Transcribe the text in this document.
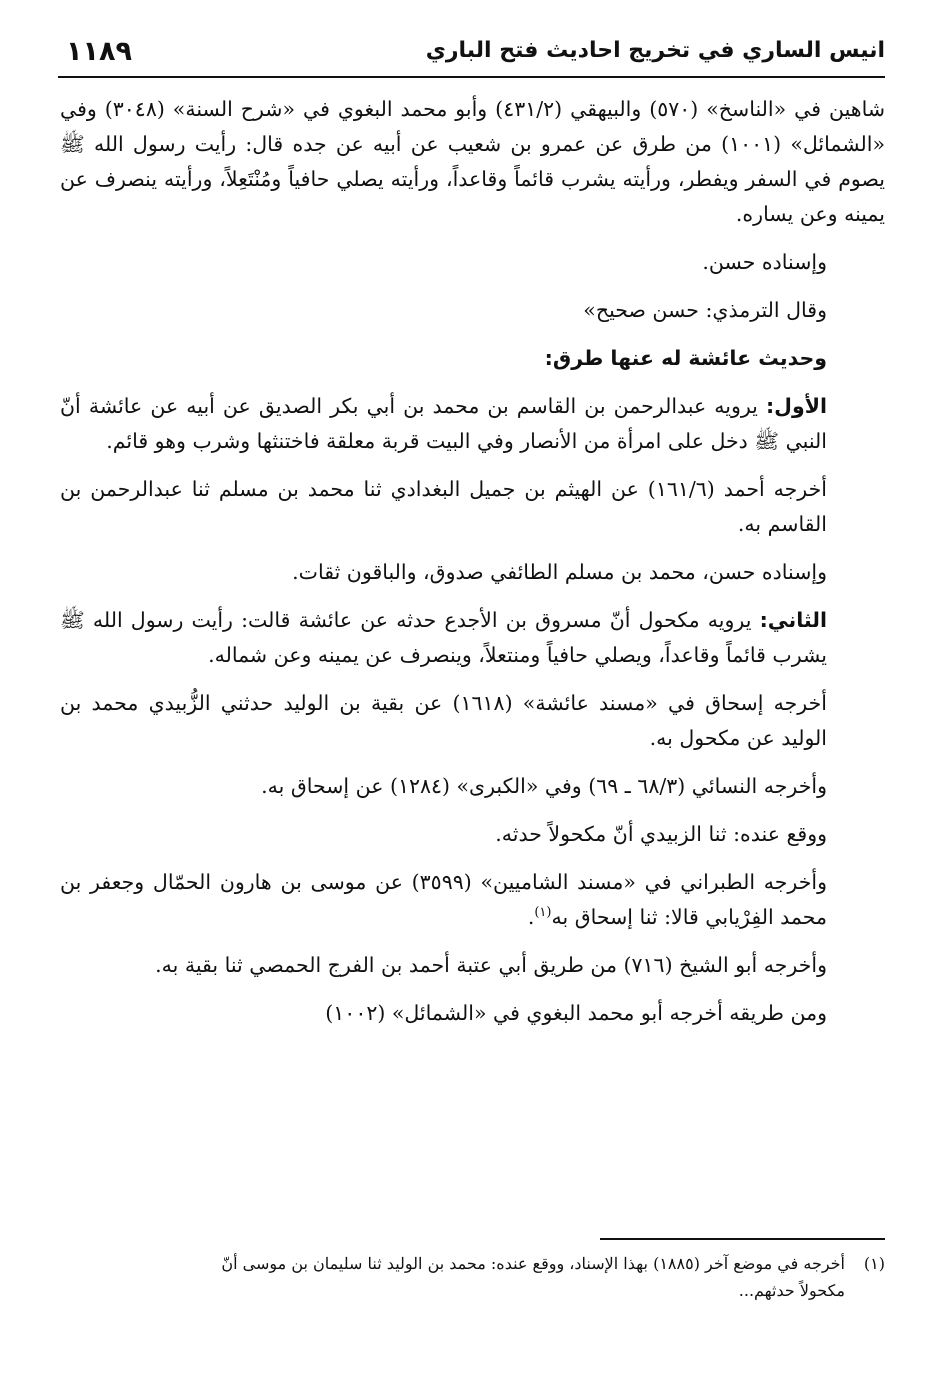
١١٨٩	انيس الساري في تخريج احاديث فتح الباري

شاهين في «الناسخ» (٥٧٠) والبيهقي (٤٣١/٢) وأبو محمد البغوي في «شرح السنة» (٣٠٤٨) وفي «الشمائل» (١٠٠١) من طرق عن عمرو بن شعيب عن أبيه عن جده قال: رأيت رسول الله ﷺ يصوم في السفر ويفطر، ورأيته يشرب قائماً وقاعداً، ورأيته يصلي حافياً ومُنْتَعِلاً، ورأيته ينصرف عن يمينه وعن يساره.

وإسناده حسن.

وقال الترمذي: حسن صحيح»

وحديث عائشة له عنها طرق:

الأول: يرويه عبدالرحمن بن القاسم بن محمد بن أبي بكر الصديق عن أبيه عن عائشة أنّ النبي ﷺ دخل على امرأة من الأنصار وفي البيت قربة معلقة فاختنثها وشرب وهو قائم.

أخرجه أحمد (١٦١/٦) عن الهيثم بن جميل البغدادي ثنا محمد بن مسلم ثنا عبدالرحمن بن القاسم به.

وإسناده حسن، محمد بن مسلم الطائفي صدوق، والباقون ثقات.

الثاني: يرويه مكحول أنّ مسروق بن الأجدع حدثه عن عائشة قالت: رأيت رسول الله ﷺ يشرب قائماً وقاعداً، ويصلي حافياً ومنتعلاً، وينصرف عن يمينه وعن شماله.

أخرجه إسحاق في «مسند عائشة» (١٦١٨) عن بقية بن الوليد حدثني الزُّبيدي محمد بن الوليد عن مكحول به.

وأخرجه النسائي (٦٨/٣ ـ ٦٩) وفي «الكبرى» (١٢٨٤) عن إسحاق به.

ووقع عنده: ثنا الزبيدي أنّ مكحولاً حدثه.

وأخرجه الطبراني في «مسند الشاميين» (٣٥٩٩) عن موسى بن هارون الحمّال وجعفر بن محمد الفِرْيابي قالا: ثنا إسحاق به$^{(١)}$.

وأخرجه أبو الشيخ (٧١٦) من طريق أبي عتبة أحمد بن الفرج الحمصي ثنا بقية به.

ومن طريقه أخرجه أبو محمد البغوي في «الشمائل» (١٠٠٢)

(١)أخرجه في موضع آخر (١٨٨٥) بهذا الإسناد، ووقع عنده: محمد بن الوليد ثنا سليمان بن موسى أنّ
مكحولاً حدثهم...
